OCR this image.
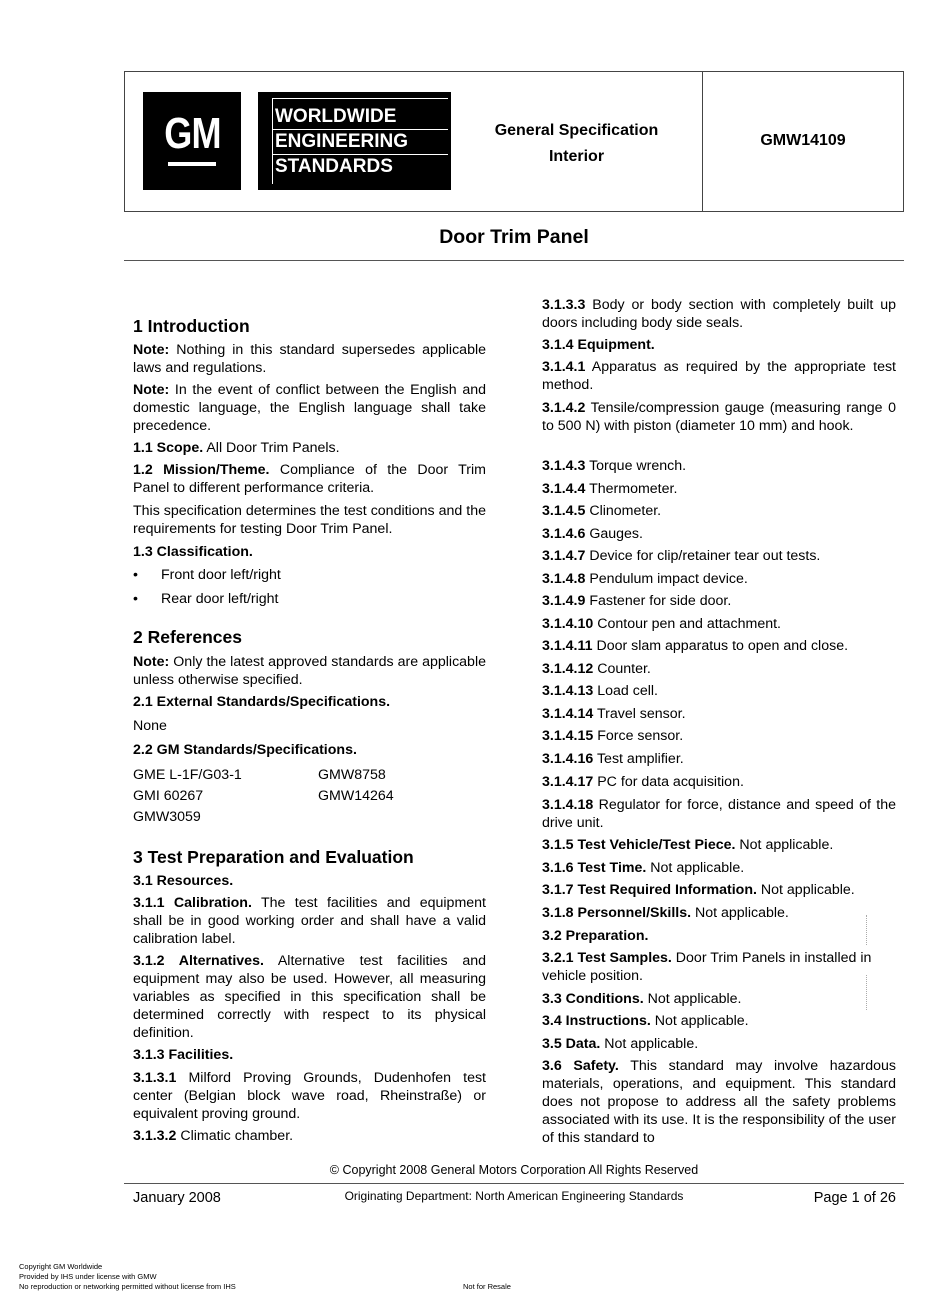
GM	WORLDWIDE
ENGINEERING
STANDARDS
General Specification
Interior
GMW14109
Door Trim Panel
1 Introduction

Note: Nothing in this standard supersedes applicable laws and regulations.

Note: In the event of conflict between the English and domestic language, the English language shall take precedence.

1.1 Scope. All Door Trim Panels.

1.2 Mission/Theme. Compliance of the Door Trim Panel to different performance criteria.

This specification determines the test conditions and the requirements for testing Door Trim Panel.

1.3 Classification.

• Front door left/right
• Rear door left/right
2 References

Note: Only the latest approved standards are applicable unless otherwise specified.

2.1 External Standards/Specifications.

None

2.2 GM Standards/Specifications.

GME L-1F/G03-1	GMW8758
GMI 60267	GMW14264
GMW3059
3 Test Preparation and Evaluation

3.1 Resources.

3.1.1 Calibration. The test facilities and equipment shall be in good working order and shall have a valid calibration label.

3.1.2 Alternatives. Alternative test facilities and equipment may also be used. However, all measuring variables as specified in this specification shall be determined correctly with respect to its physical definition.

3.1.3 Facilities.

3.1.3.1 Milford Proving Grounds, Dudenhofen test center (Belgian block wave road, Rheinstraße) or equivalent proving ground.

3.1.3.2 Climatic chamber.

3.1.3.3 Body or body section with completely built up doors including body side seals.

3.1.4 Equipment.

3.1.4.1 Apparatus as required by the appropriate test method.

3.1.4.2 Tensile/compression gauge (measuring range 0 to 500 N) with piston (diameter 10 mm) and hook.

3.1.4.3 Torque wrench.

3.1.4.4 Thermometer.

3.1.4.5 Clinometer.

3.1.4.6 Gauges.

3.1.4.7 Device for clip/retainer tear out tests.

3.1.4.8 Pendulum impact device.

3.1.4.9 Fastener for side door.

3.1.4.10 Contour pen and attachment.

3.1.4.11 Door slam apparatus to open and close.

3.1.4.12 Counter.

3.1.4.13 Load cell.

3.1.4.14 Travel sensor.

3.1.4.15 Force sensor.

3.1.4.16 Test amplifier.

3.1.4.17 PC for data acquisition.

3.1.4.18 Regulator for force, distance and speed of the drive unit.

3.1.5 Test Vehicle/Test Piece. Not applicable.

3.1.6 Test Time. Not applicable.

3.1.7 Test Required Information. Not applicable.

3.1.8 Personnel/Skills. Not applicable.

3.2 Preparation.

3.2.1 Test Samples. Door Trim Panels in installed in vehicle position.

3.3 Conditions. Not applicable.

3.4 Instructions. Not applicable.

3.5 Data. Not applicable.

3.6 Safety. This standard may involve hazardous materials, operations, and equipment. This standard does not propose to address all the safety problems associated with its use. It is the responsibility of the user of this standard to

© Copyright 2008 General Motors Corporation All Rights Reserved
January 2008	Originating Department: North American Engineering Standards	Page 1 of 26
Copyright GM Worldwide
Provided by IHS under license with GMW
No reproduction or networking permitted without license from IHS	Not for Resale
